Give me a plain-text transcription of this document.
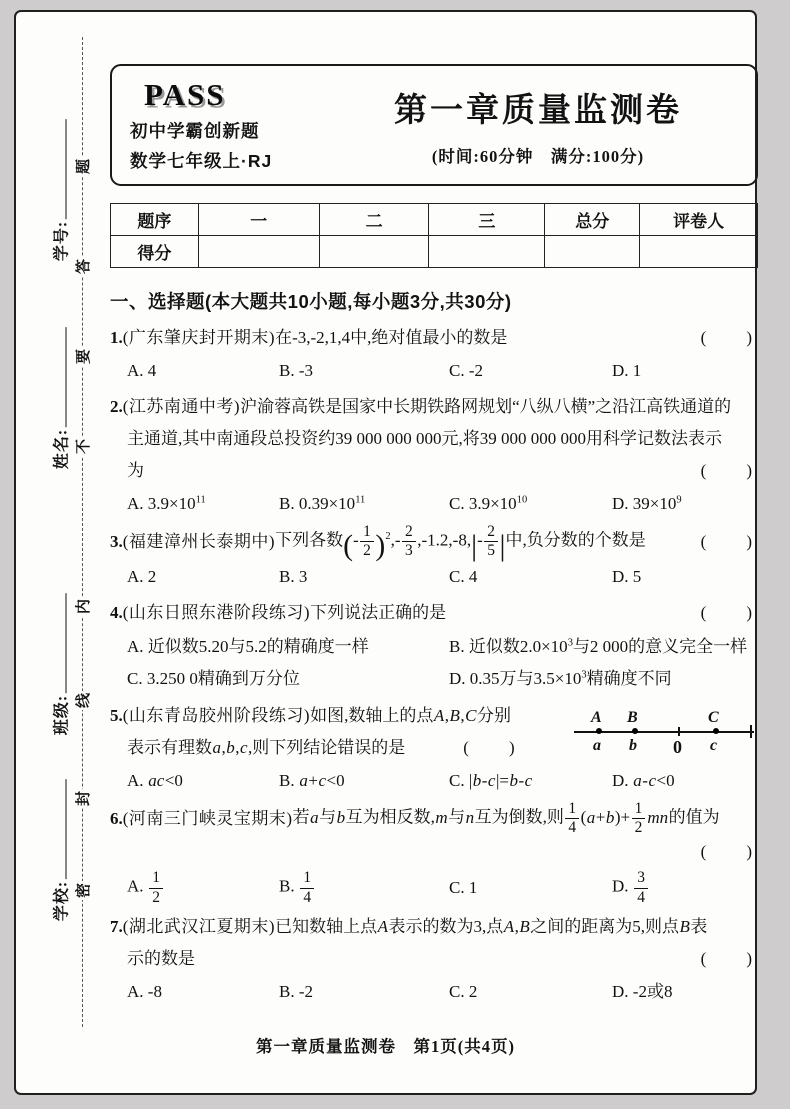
题
答
要
不
内
线
封
密
学号:
姓名:
班级:
学校:
PASS
初中学霸创新题
数学七年级上·RJ
第一章质量监测卷
(时间:60分钟　满分:100分)
题序	一	二	三	总分	评卷人
得分					
一、选择题(本大题共10小题,每小题3分,共30分)
1. (广东肇庆封开期末) 在-3,-2,1,4中,绝对值最小的数是	(　　)
A. 4	B. -3	C. -2	D. 1
2. (江苏南通中考) 沪渝蓉高铁是国家中长期铁路网规划“八纵八横”之沿江高铁通道的
主通道,其中南通段总投资约39 000 000 000元,将39 000 000 000用科学记数法表示
为	(　　)
A. $3.9\times 10^{11}$	B. $0.39\times 10^{11}$	C. $3.9\times 10^{10}$	D. $39\times 10^9$
3. (福建漳州长泰期中) 下列各数(- $\frac{1}{2} )^2,- \frac{2}{3} ,-1.2,-8,|- \frac{2}{5}$ |中,负分数的个数是	(　　)
A. 2	B. 3	C. 4	D. 5
4. (山东日照东港阶段练习) 下列说法正确的是	(　　)
A. 近似数5.20与5.2的精确度一样	B. 近似数$2.0\times 10^3$与2 000的意义完全一样
C. 3.250 0精确到万分位	D. 0.35万与$3.5\times 10^3$精确度不同
5. (山东青岛胶州阶段练习) 如图,数轴上的点A,B,C分别
表示有理数a,b,c,则下列结论错误的是	(　　)
A B	C
a b 0 c
A. ac<0	B. a+c<0	C. |b-c|=b-c	D. a-c<0
6. (河南三门峡灵宝期末) 若a与b互为相反数,m与n互为倒数,则 $\frac{1}{4} (a+b)+ \frac{1}{2}$ mn的值为
(　　)
A. $\frac{1}{2}$	B. $\frac{1}{4}$	C. 1	D. $\frac{3}{4}$
7. (湖北武汉江夏期末) 已知数轴上点A表示的数为3,点A,B之间的距离为5,则点B表
示的数是	(　　)
A. -8	B. -2	C. 2	D. -2或8
第一章质量监测卷　第1页(共4页)
